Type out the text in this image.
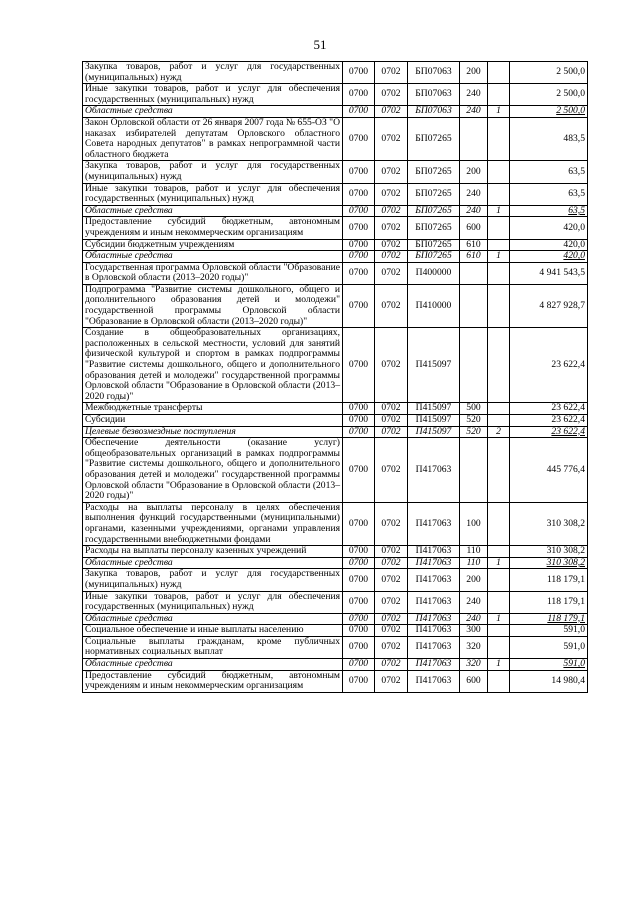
51
Закупка товаров, работ и услуг для государственных (муниципальных) нужд	0700	0702	БП07063	200		2 500,0
Иные закупки товаров, работ и услуг для обеспечения государственных (муниципальных) нужд	0700	0702	БП07063	240		2 500,0
Областные средства	0700	0702	БП07063	240	1	2 500,0
Закон Орловской области от 26 января 2007 года № 655-ОЗ "О наказах избирателей депутатам Орловского областного Совета народных депутатов" в рамках непрограммной части областного бюджета	0700	0702	БП07265			483,5
Закупка товаров, работ и услуг для государственных (муниципальных) нужд	0700	0702	БП07265	200		63,5
Иные закупки товаров, работ и услуг для обеспечения государственных (муниципальных) нужд	0700	0702	БП07265	240		63,5
Областные средства	0700	0702	БП07265	240	1	63,5
Предоставление субсидий бюджетным, автономным учреждениям и иным некоммерческим организациям	0700	0702	БП07265	600		420,0
Субсидии бюджетным учреждениям	0700	0702	БП07265	610		420,0
Областные средства	0700	0702	БП07265	610	1	420,0
Государственная программа Орловской области "Образование в Орловской области (2013–2020 годы)"	0700	0702	П400000			4 941 543,5
Подпрограмма "Развитие системы дошкольного, общего и дополнительного образования детей и молодежи" государственной программы Орловской области "Образование в Орловской области (2013–2020 годы)"	0700	0702	П410000			4 827 928,7
Создание в общеобразовательных организациях, расположенных в сельской местности, условий для занятий физической культурой и спортом в рамках подпрограммы "Развитие системы дошкольного, общего и дополнительного образования детей и молодежи" государственной программы Орловской области "Образование в Орловской области (2013–2020 годы)"	0700	0702	П415097			23 622,4
Межбюджетные трансферты	0700	0702	П415097	500		23 622,4
Субсидии	0700	0702	П415097	520		23 622,4
Целевые безвозмездные поступления	0700	0702	П415097	520	2	23 622,4
Обеспечение деятельности (оказание услуг) общеобразовательных организаций в рамках подпрограммы "Развитие системы дошкольного, общего и дополнительного образования детей и молодежи" государственной программы Орловской области "Образование в Орловской области (2013–2020 годы)"	0700	0702	П417063			445 776,4
Расходы на выплаты персоналу в целях обеспечения выполнения функций государственными (муниципальными) органами, казенными учреждениями, органами управления государственными внебюджетными фондами	0700	0702	П417063	100		310 308,2
Расходы на выплаты персоналу казенных учреждений	0700	0702	П417063	110		310 308,2
Областные средства	0700	0702	П417063	110	1	310 308,2
Закупка товаров, работ и услуг для государственных (муниципальных) нужд	0700	0702	П417063	200		118 179,1
Иные закупки товаров, работ и услуг для обеспечения государственных (муниципальных) нужд	0700	0702	П417063	240		118 179,1
Областные средства	0700	0702	П417063	240	1	118 179,1
Социальное обеспечение и иные выплаты населению	0700	0702	П417063	300		591,0
Социальные выплаты гражданам, кроме публичных нормативных социальных выплат	0700	0702	П417063	320		591,0
Областные средства	0700	0702	П417063	320	1	591,0
Предоставление субсидий бюджетным, автономным учреждениям и иным некоммерческим организациям	0700	0702	П417063	600		14 980,4
